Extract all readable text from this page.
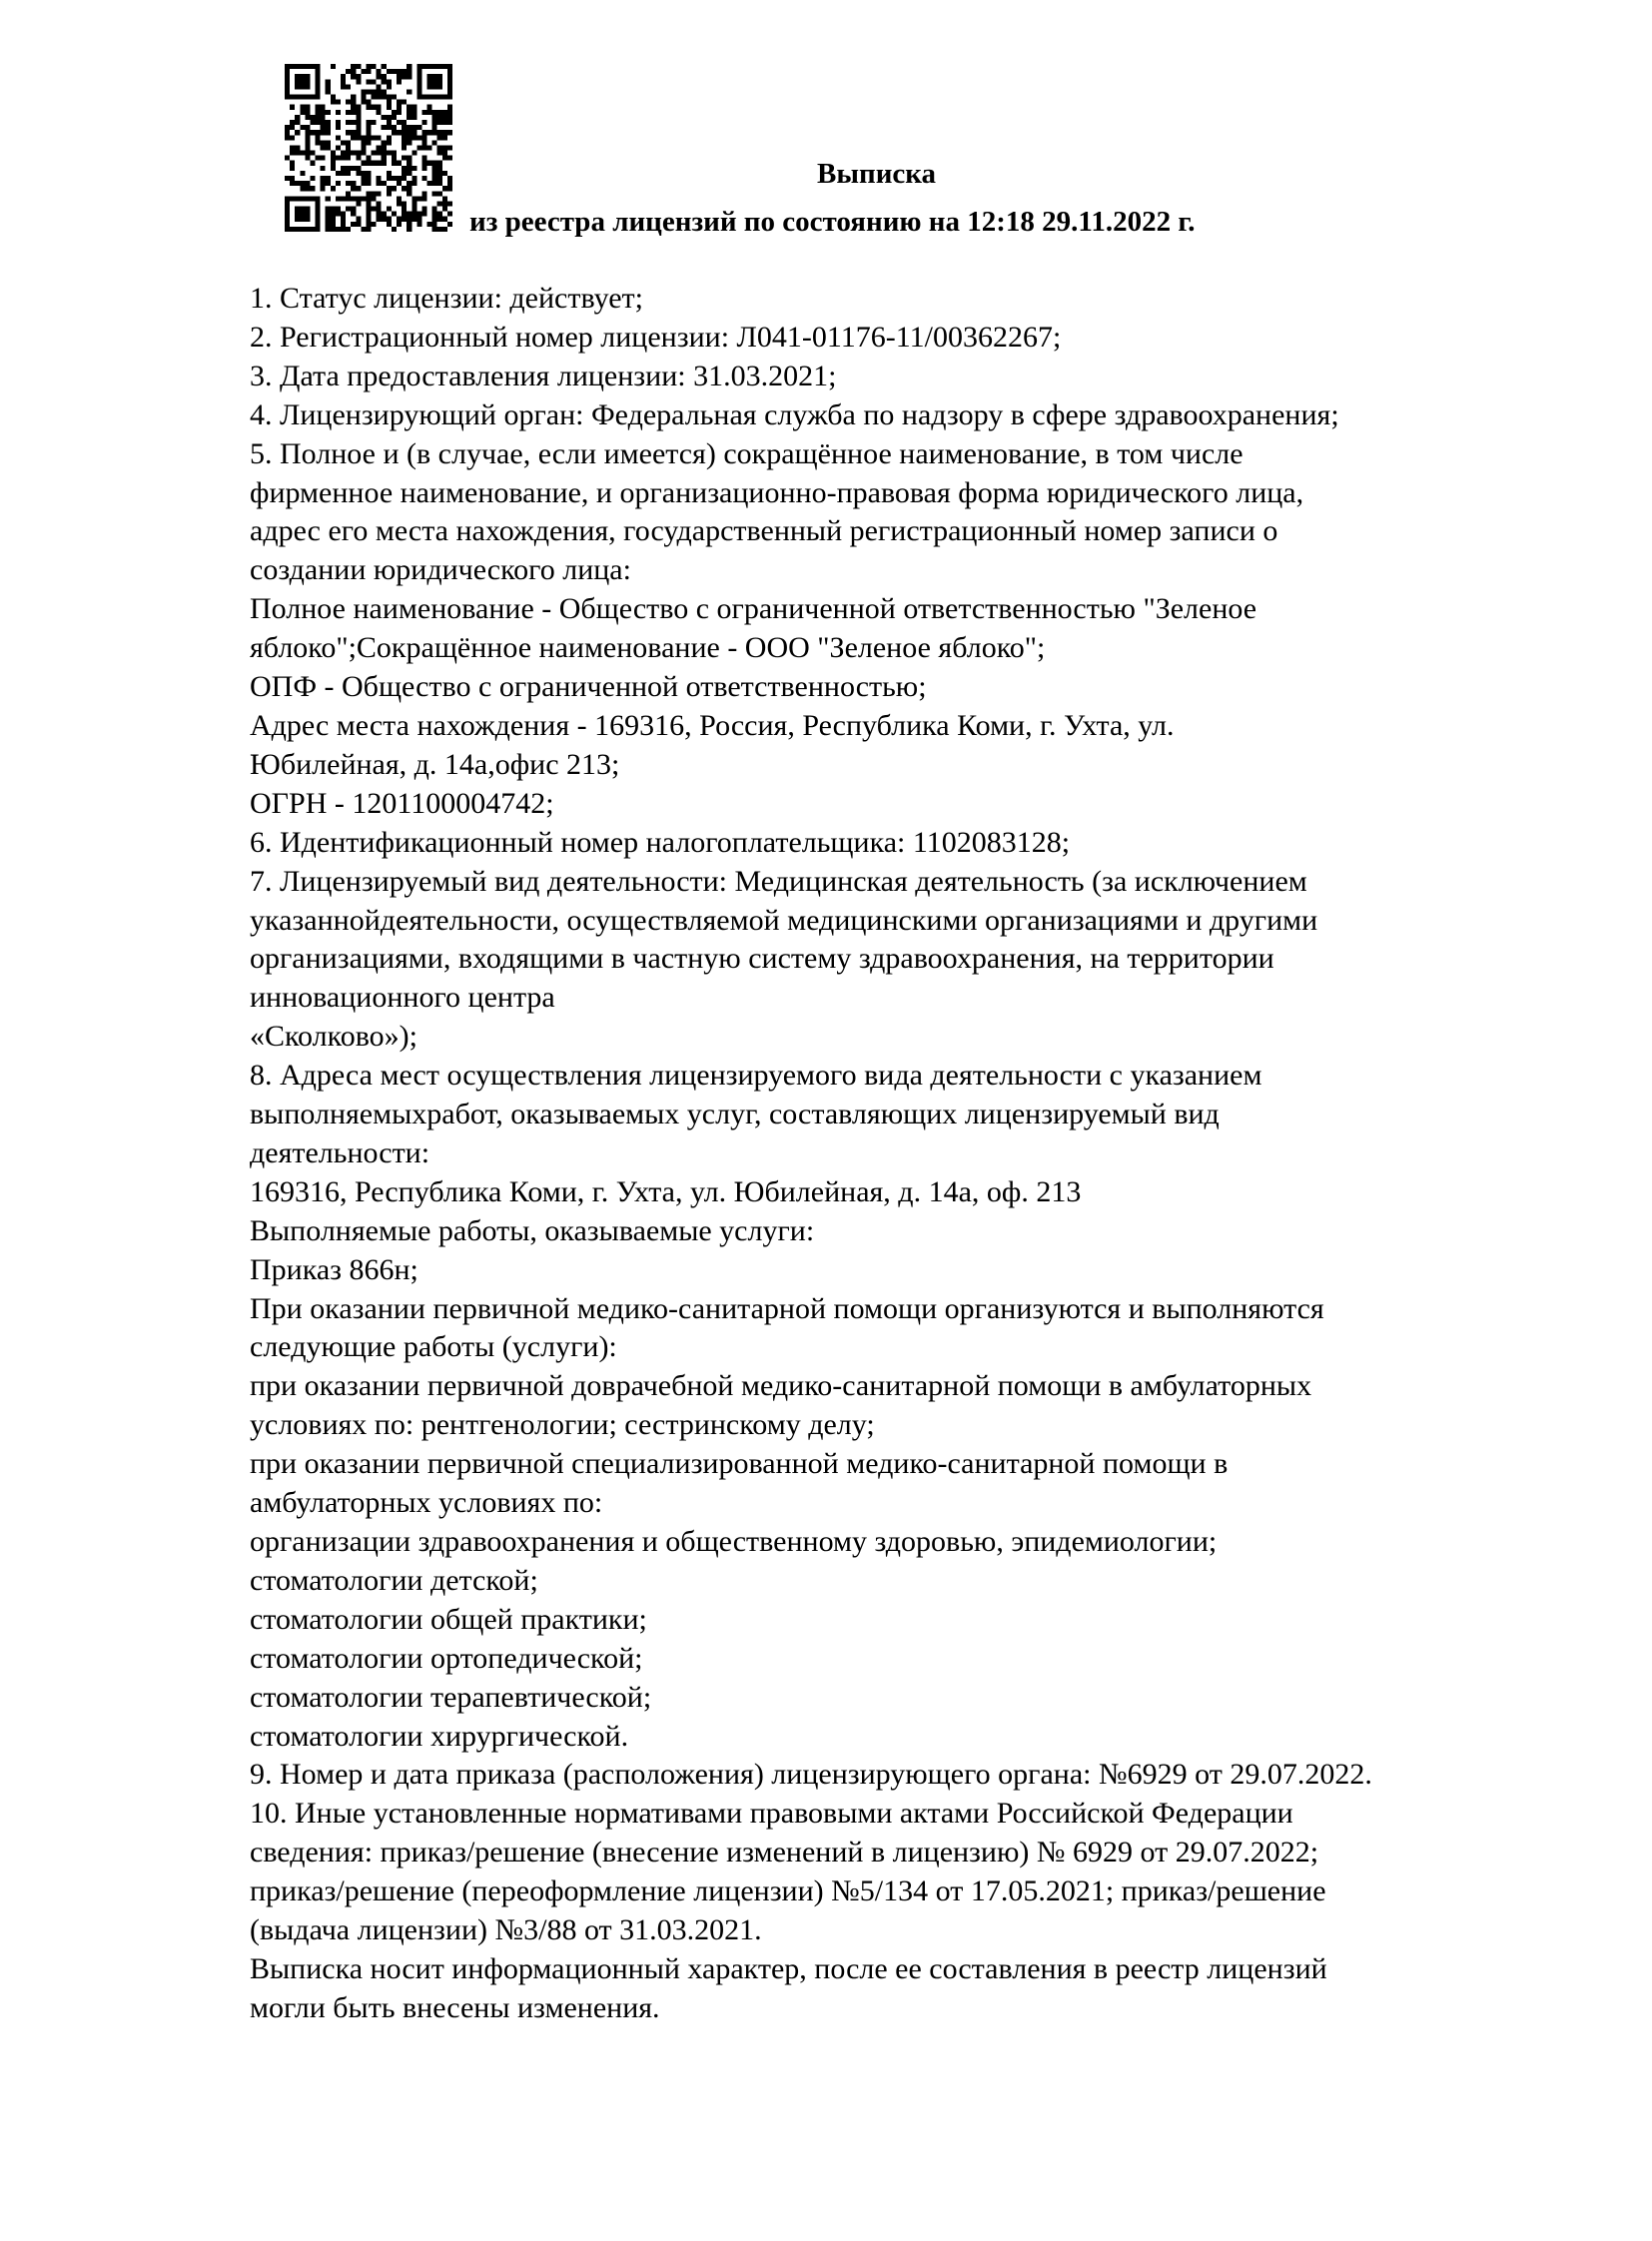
Выписка
из реестра лицензий по состоянию на 12:18 29.11.2022 г.
1. Статус лицензии: действует;
2. Регистрационный номер лицензии: Л041-01176-11/00362267;
3. Дата предоставления лицензии: 31.03.2021;
4. Лицензирующий орган: Федеральная служба по надзору в сфере здравоохранения;
5. Полное и (в случае, если имеется) сокращённое наименование, в том числе
фирменное наименование, и организационно-правовая форма юридического лица,
адрес его места нахождения, государственный регистрационный номер записи о
создании юридического лица:
Полное наименование - Общество с ограниченной ответственностью "Зеленое
яблоко";Сокращённое наименование - ООО "Зеленое яблоко";
ОПФ - Общество с ограниченной ответственностью;
Адрес места нахождения - 169316, Россия, Республика Коми, г. Ухта, ул.
Юбилейная, д. 14а,офис 213;
ОГРН - 1201100004742;
6. Идентификационный номер налогоплательщика: 1102083128;
7. Лицензируемый вид деятельности: Медицинская деятельность (за исключением
указаннойдеятельности, осуществляемой медицинскими организациями и другими
организациями, входящими в частную систему здравоохранения, на территории
инновационного центра
«Сколково»);
8. Адреса мест осуществления лицензируемого вида деятельности с указанием
выполняемыхработ, оказываемых услуг, составляющих лицензируемый вид
деятельности:
169316, Республика Коми, г. Ухта, ул. Юбилейная, д. 14а, оф. 213
Выполняемые работы, оказываемые услуги:
Приказ 866н;
При оказании первичной медико-санитарной помощи организуются и выполняются
следующие работы (услуги):
при оказании первичной доврачебной медико-санитарной помощи в амбулаторных
условиях по: рентгенологии; сестринскому делу;
при оказании первичной специализированной медико-санитарной помощи в
амбулаторных условиях по:
организации здравоохранения и общественному здоровью, эпидемиологии;
стоматологии детской;
стоматологии общей практики;
стоматологии ортопедической;
стоматологии терапевтической;
стоматологии хирургической.
9. Номер и дата приказа (расположения) лицензирующего органа: №6929 от 29.07.2022.
10. Иные установленные нормативами правовыми актами Российской Федерации
сведения: приказ/решение (внесение изменений в лицензию) № 6929 от 29.07.2022;
приказ/решение (переоформление лицензии) №5/134 от 17.05.2021; приказ/решение
(выдача лицензии) №3/88 от 31.03.2021.
Выписка носит информационный характер, после ее составления в реестр лицензий
могли быть внесены изменения.
